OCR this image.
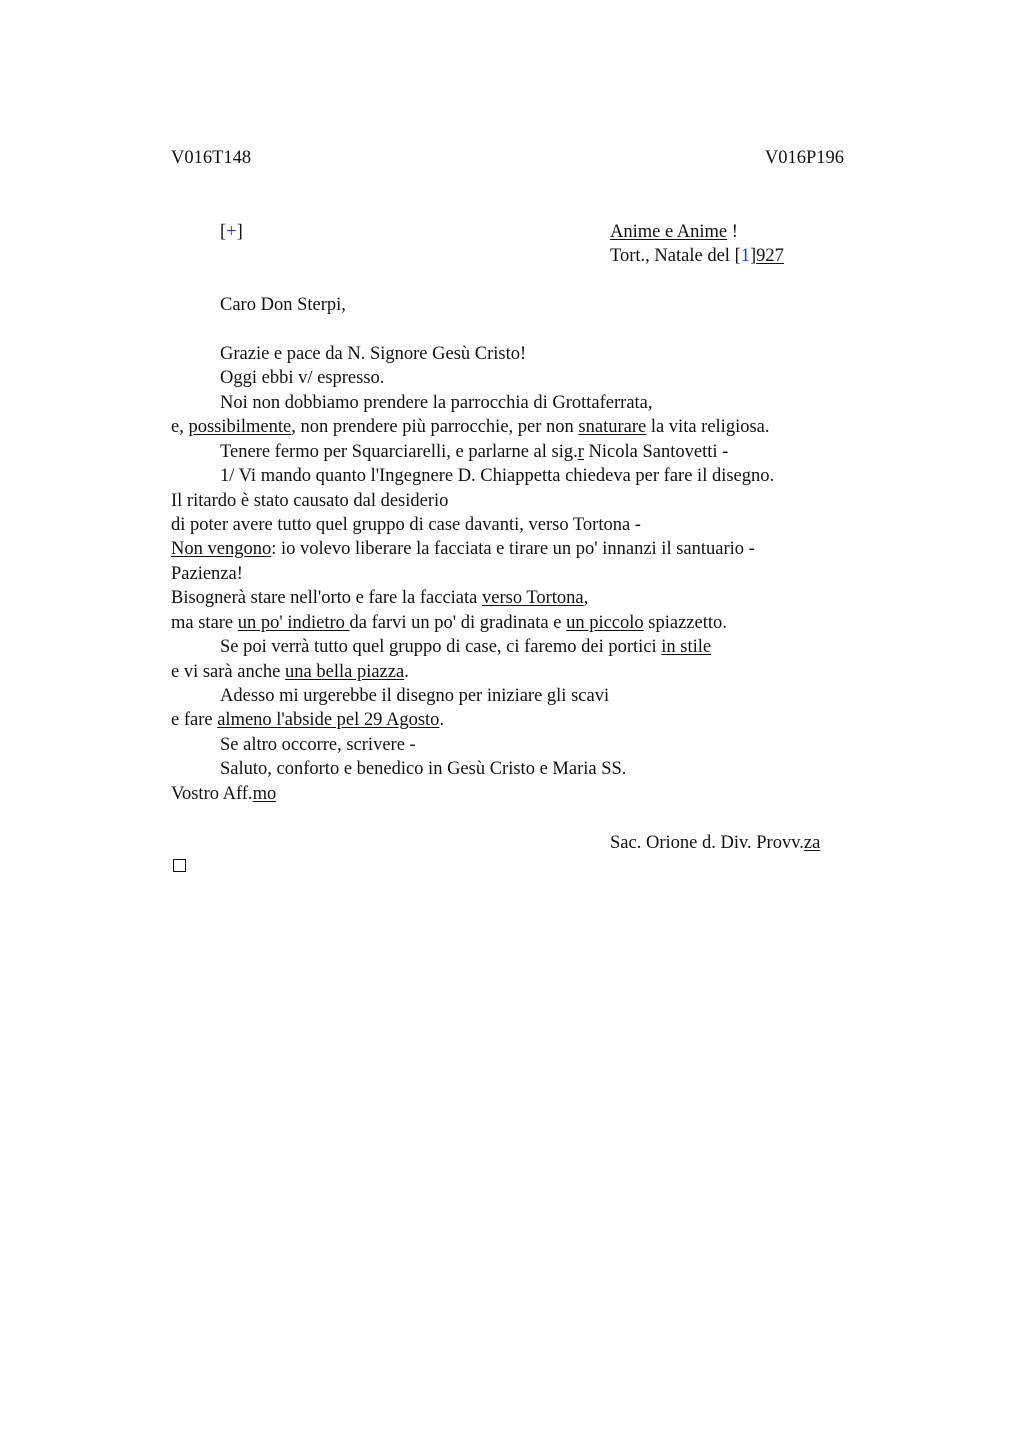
V016T148	V016P196
[+]	Anime e Anime !
Tort., Natale del [1]927
Caro Don Sterpi,
Grazie e pace da N. Signore Gesù Cristo!
Oggi ebbi v/ espresso.
Noi non dobbiamo prendere la parrocchia di Grottaferrata,
e, possibilmente, non prendere più parrocchie, per non snaturare la vita religiosa.
Tenere fermo per Squarciarelli, e parlarne al sig.r Nicola Santovetti -
1/ Vi mando quanto l'Ingegnere D. Chiappetta chiedeva per fare il disegno.
Il ritardo è stato causato dal desiderio
di poter avere tutto quel gruppo di case davanti, verso Tortona -
Non vengono: io volevo liberare la facciata e tirare un po' innanzi il santuario -
Pazienza!
Bisognerà stare nell'orto e fare la facciata verso Tortona,
ma stare un po' indietro da farvi un po' di gradinata e un piccolo spiazzetto.
Se poi verrà tutto quel gruppo di case, ci faremo dei portici in stile
e vi sarà anche una bella piazza.
Adesso mi urgerebbe il disegno per iniziare gli scavi
e fare almeno l'abside pel 29 Agosto.
Se altro occorre, scrivere -
Saluto, conforto e benedico in Gesù Cristo e Maria SS.
Vostro Aff.mo
Sac. Orione d. Div. Provv.za
